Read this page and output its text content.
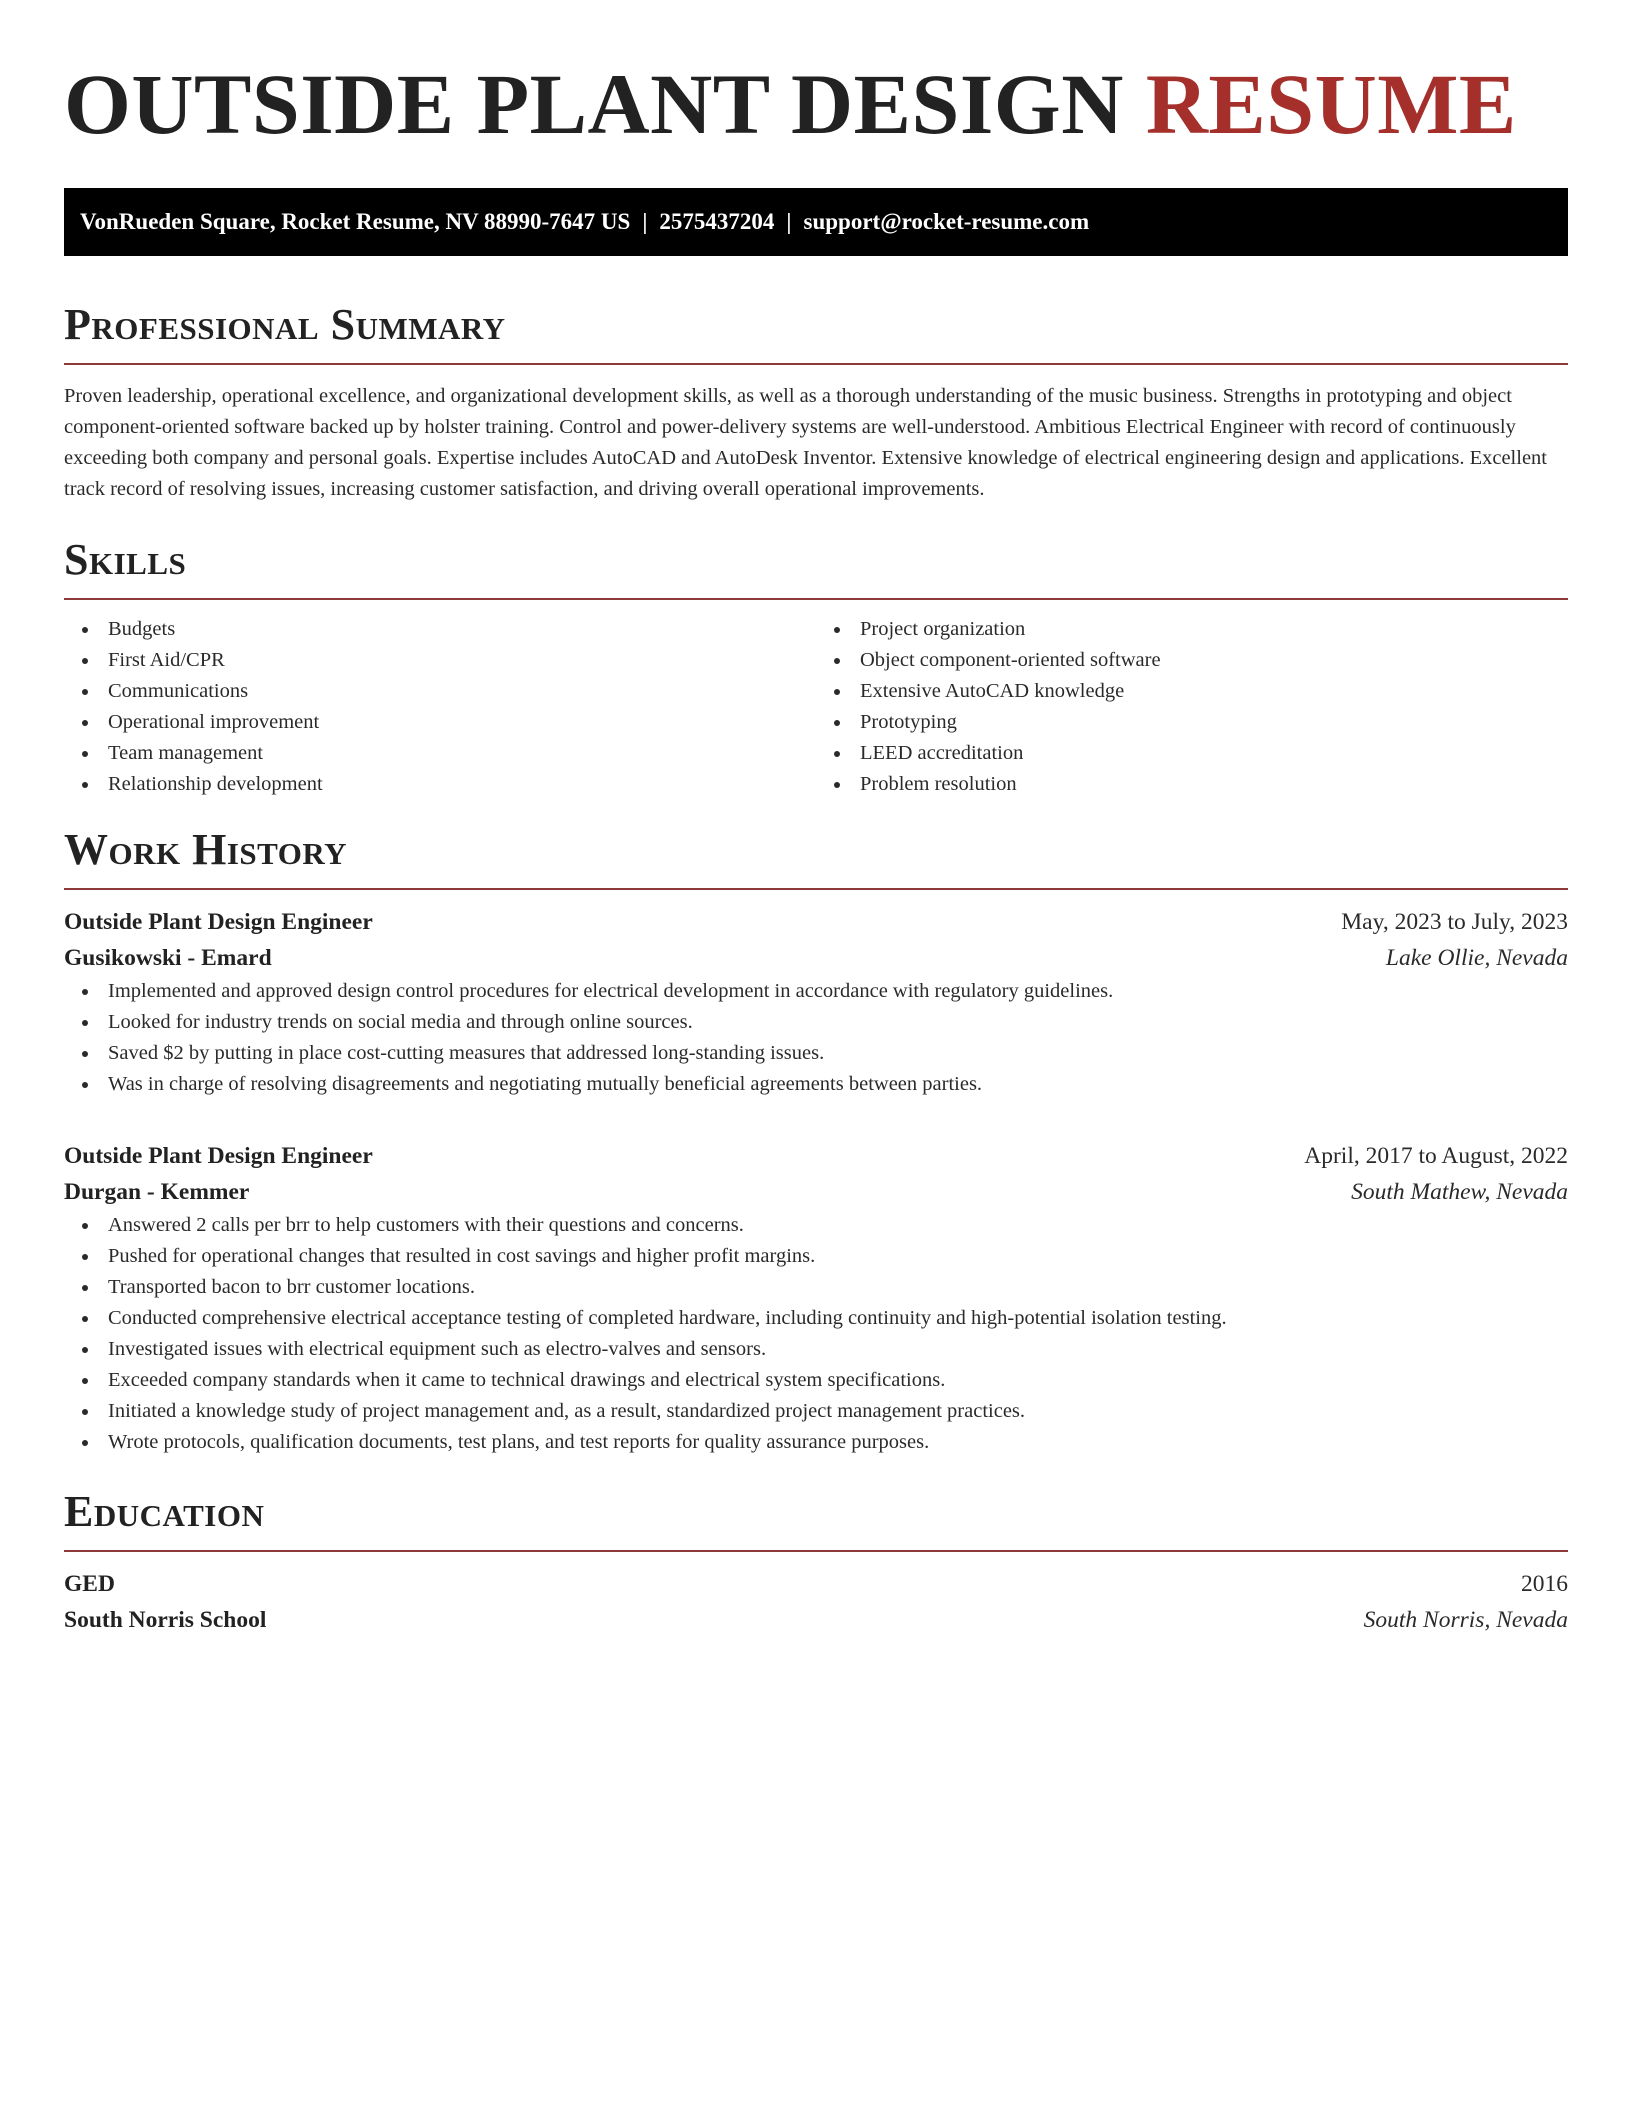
OUTSIDE PLANT DESIGN RESUME
VonRueden Square, Rocket Resume, NV 88990-7647 US | 2575437204 | support@rocket-resume.com
Professional Summary

Proven leadership, operational excellence, and organizational development skills, as well as a thorough understanding of the music business. Strengths in prototyping and object component-oriented software backed up by holster training. Control and power-delivery systems are well-understood. Ambitious Electrical Engineer with record of continuously exceeding both company and personal goals. Expertise includes AutoCAD and AutoDesk Inventor. Extensive knowledge of electrical engineering design and applications. Excellent track record of resolving issues, increasing customer satisfaction, and driving overall operational improvements.

Skills
Budgets
First Aid/CPR
Communications
Operational improvement
Team management
Relationship development
Project organization
Object component-oriented software
Extensive AutoCAD knowledge
Prototyping
LEED accreditation
Problem resolution
Work History
Outside Plant Design Engineer	May, 2023 to July, 2023
Gusikowski - Emard	Lake Ollie, Nevada
Implemented and approved design control procedures for electrical development in accordance with regulatory guidelines.
Looked for industry trends on social media and through online sources.
Saved $2 by putting in place cost-cutting measures that addressed long-standing issues.
Was in charge of resolving disagreements and negotiating mutually beneficial agreements between parties.
Outside Plant Design Engineer	April, 2017 to August, 2022
Durgan - Kemmer	South Mathew, Nevada
Answered 2 calls per brr to help customers with their questions and concerns.
Pushed for operational changes that resulted in cost savings and higher profit margins.
Transported bacon to brr customer locations.
Conducted comprehensive electrical acceptance testing of completed hardware, including continuity and high-potential isolation testing.
Investigated issues with electrical equipment such as electro-valves and sensors.
Exceeded company standards when it came to technical drawings and electrical system specifications.
Initiated a knowledge study of project management and, as a result, standardized project management practices.
Wrote protocols, qualification documents, test plans, and test reports for quality assurance purposes.
Education
GED	2016
South Norris School	South Norris, Nevada
